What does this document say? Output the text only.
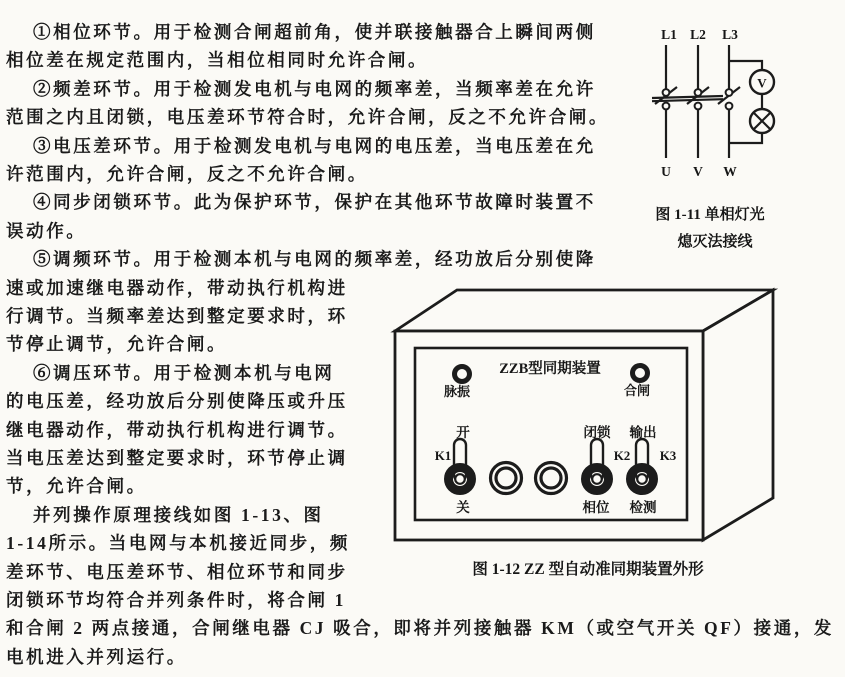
①相位环节。用于检测合闸超前角，使并联接触器合上瞬间两侧
相位差在规定范围内，当相位相同时允许合闸。
②频差环节。用于检测发电机与电网的频率差，当频率差在允许
范围之内且闭锁，电压差环节符合时，允许合闸，反之不允许合闸。
③电压差环节。用于检测发电机与电网的电压差，当电压差在允
许范围内，允许合闸，反之不允许合闸。
④同步闭锁环节。此为保护环节，保护在其他环节故障时装置不
误动作。
⑤调频环节。用于检测本机与电网的频率差，经功放后分别使降
速或加速继电器动作，带动执行机构进
行调节。当频率差达到整定要求时，环
节停止调节，允许合闸。
⑥调压环节。用于检测本机与电网
的电压差，经功放后分别使降压或升压
继电器动作，带动执行机构进行调节。
当电压差达到整定要求时，环节停止调
节，允许合闸。
并列操作原理接线如图 1-13、图
1-14所示。当电网与本机接近同步，频
差环节、电压差环节、相位环节和同步
闭锁环节均符合并列条件时，将合闸 1
和合闸 2 两点接通，合闸继电器 CJ 吸合，即将并列接触器 KM（或空气开关 QF）接通，发
电机进入并列运行。
L1 L2 L3
V
U V W
图 1-11 单相灯光
熄灭法接线
ZZB型同期装置
脉振	合闸
开
K1
关
闭锁
K2
相位
输出
K3
检测
图 1-12 ZZ 型自动准同期装置外形
